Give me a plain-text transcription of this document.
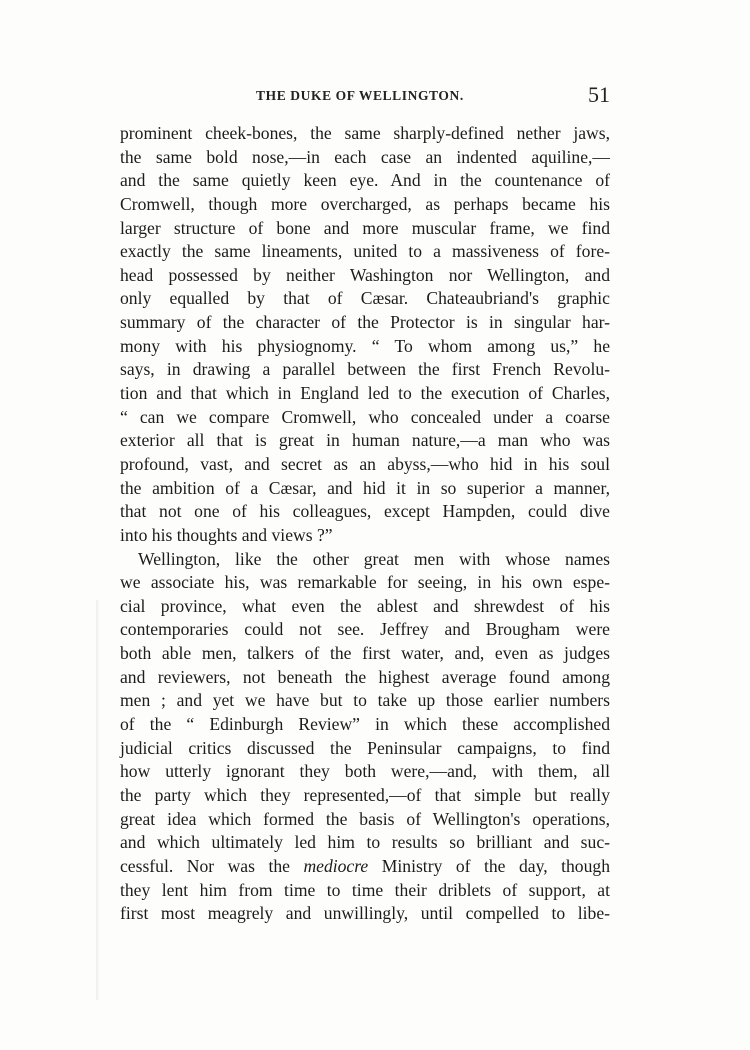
THE DUKE OF WELLINGTON.	51
prominent cheek-bones, the same sharply-defined nether jaws,
the same bold nose,—in each case an indented aquiline,—
and the same quietly keen eye. And in the countenance of
Cromwell, though more overcharged, as perhaps became his
larger structure of bone and more muscular frame, we find
exactly the same lineaments, united to a massiveness of fore-
head possessed by neither Washington nor Wellington, and
only equalled by that of Cæsar. Chateaubriand's graphic
summary of the character of the Protector is in singular har-
mony with his physiognomy. “ To whom among us,” he
says, in drawing a parallel between the first French Revolu-
tion and that which in England led to the execution of Charles,
“ can we compare Cromwell, who concealed under a coarse
exterior all that is great in human nature,—a man who was
profound, vast, and secret as an abyss,—who hid in his soul
the ambition of a Cæsar, and hid it in so superior a manner,
that not one of his colleagues, except Hampden, could dive
into his thoughts and views ?”
Wellington, like the other great men with whose names
we associate his, was remarkable for seeing, in his own espe-
cial province, what even the ablest and shrewdest of his
contemporaries could not see. Jeffrey and Brougham were
both able men, talkers of the first water, and, even as judges
and reviewers, not beneath the highest average found among
men ; and yet we have but to take up those earlier numbers
of the “ Edinburgh Review” in which these accomplished
judicial critics discussed the Peninsular campaigns, to find
how utterly ignorant they both were,—and, with them, all
the party which they represented,—of that simple but really
great idea which formed the basis of Wellington's operations,
and which ultimately led him to results so brilliant and suc-
cessful. Nor was the mediocre Ministry of the day, though
they lent him from time to time their driblets of support, at
first most meagrely and unwillingly, until compelled to libe-
